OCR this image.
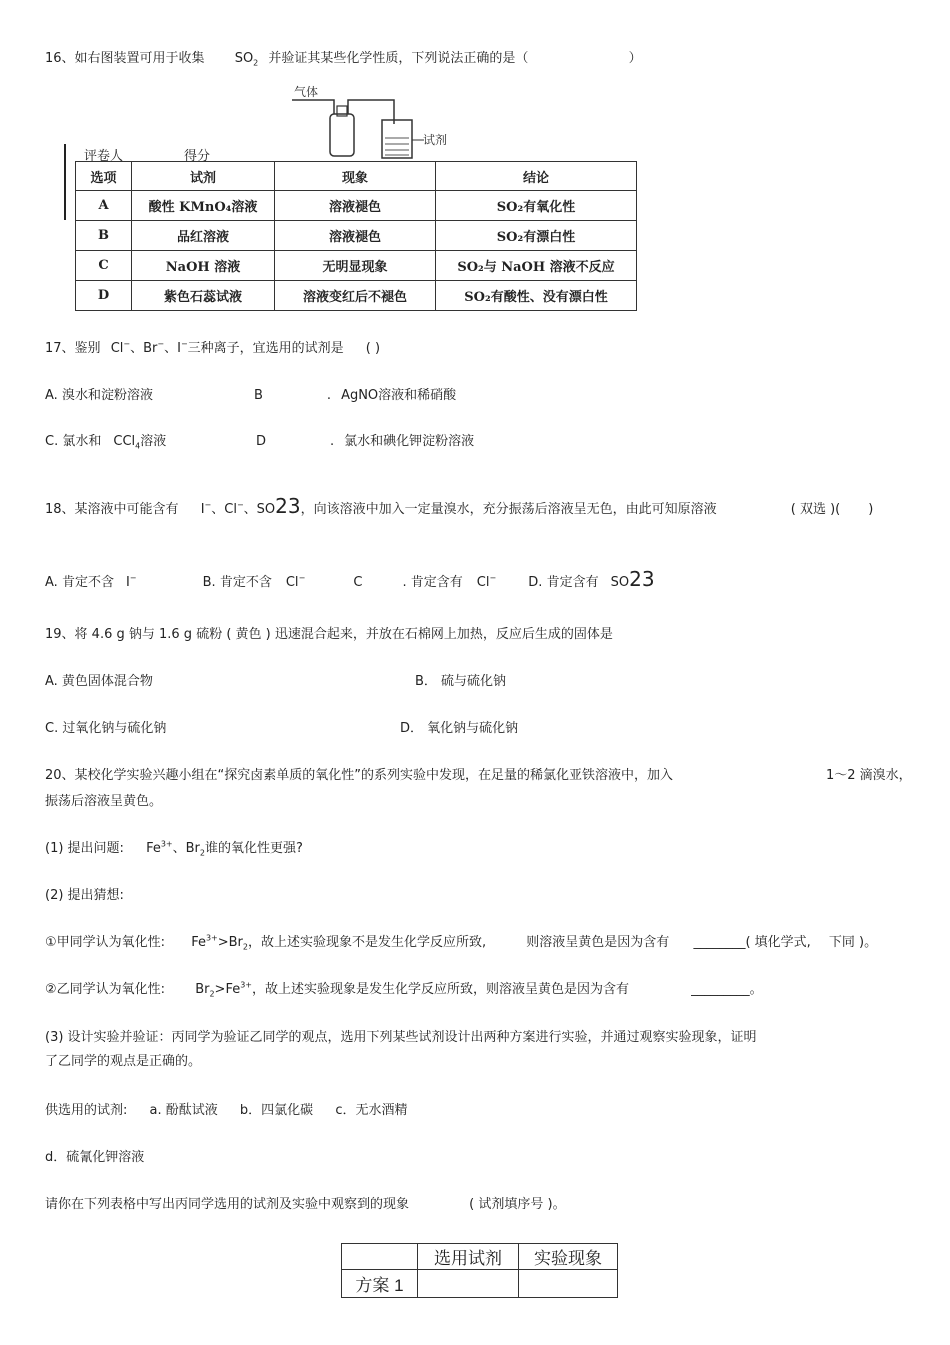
16、如右图装置可用于收集 $SO_2$ 并验证其某些化学性质，下列说法正确的是（	）
气体
试剂
评卷人	得分
选项	试剂	现象	结论
A	酸性 KMnO₄溶液	溶液褪色	SO₂有氧化性
B	品红溶液	溶液褪色	SO₂有漂白性
C	NaOH 溶液	无明显现象	SO₂与 NaOH 溶液不反应
D	紫色石蕊试液	溶液变红后不褪色	SO₂有酸性、没有漂白性
17、鉴别 Cl−、Br−、I−三种离子，宜选用的试剂是 ( )
A. 溴水和淀粉溶液	B	. AgNO溶液和稀硝酸
C. 氯水和 CCl$_4$溶液	D	. 氯水和碘化钾淀粉溶液
18、某溶液中可能含有 I−、Cl−、SO23，向该溶液中加入一定量溴水，充分振荡后溶液呈无色，由此可知原溶液	( 双选 )( )
A. 肯定不含 I−	B. 肯定不含 Cl−	C	. 肯定含有 Cl− D. 肯定含有 SO23
19、将 4.6 g 钠与 1.6 g 硫粉 ( 黄色 ) 迅速混合起来，并放在石棉网上加热，反应后生成的固体是
A. 黄色固体混合物	B． 硫与硫化钠
C. 过氧化钠与硫化钠	D． 氧化钠与硫化钠
20、某校化学实验兴趣小组在“探究卤素单质的氧化性”的系列实验中发现，在足量的稀氯化亚铁溶液中，加入	1～2 滴溴水，
振荡后溶液呈黄色。
(1) 提出问题: $Fe^{3+}$、$Br_2$谁的氧化性更强?
(2) 提出猜想:
①甲同学认为氧化性: $Fe^{3+}>Br_2$，故上述实验现象不是发生化学反应所致,	则溶液呈黄色是因为含有 ________( 填化学式, 下同 )。
②乙同学认为氧化性: $Br_2>Fe^{3+}$，故上述实验现象是发生化学反应所致，则溶液呈黄色是因为含有	_________。
(3) 设计实验并验证：丙同学为验证乙同学的观点，选用下列某些试剂设计出两种方案进行实验，并通过观察实验现象，证明
了乙同学的观点是正确的。
供选用的试剂: a. 酚酞试液 b．四氯化碳 c．无水酒精
d．硫氰化钾溶液
请你在下列表格中写出丙同学选用的试剂及实验中观察到的现象	( 试剂填序号 )。
	选用试剂	实验现象
方案 1		
